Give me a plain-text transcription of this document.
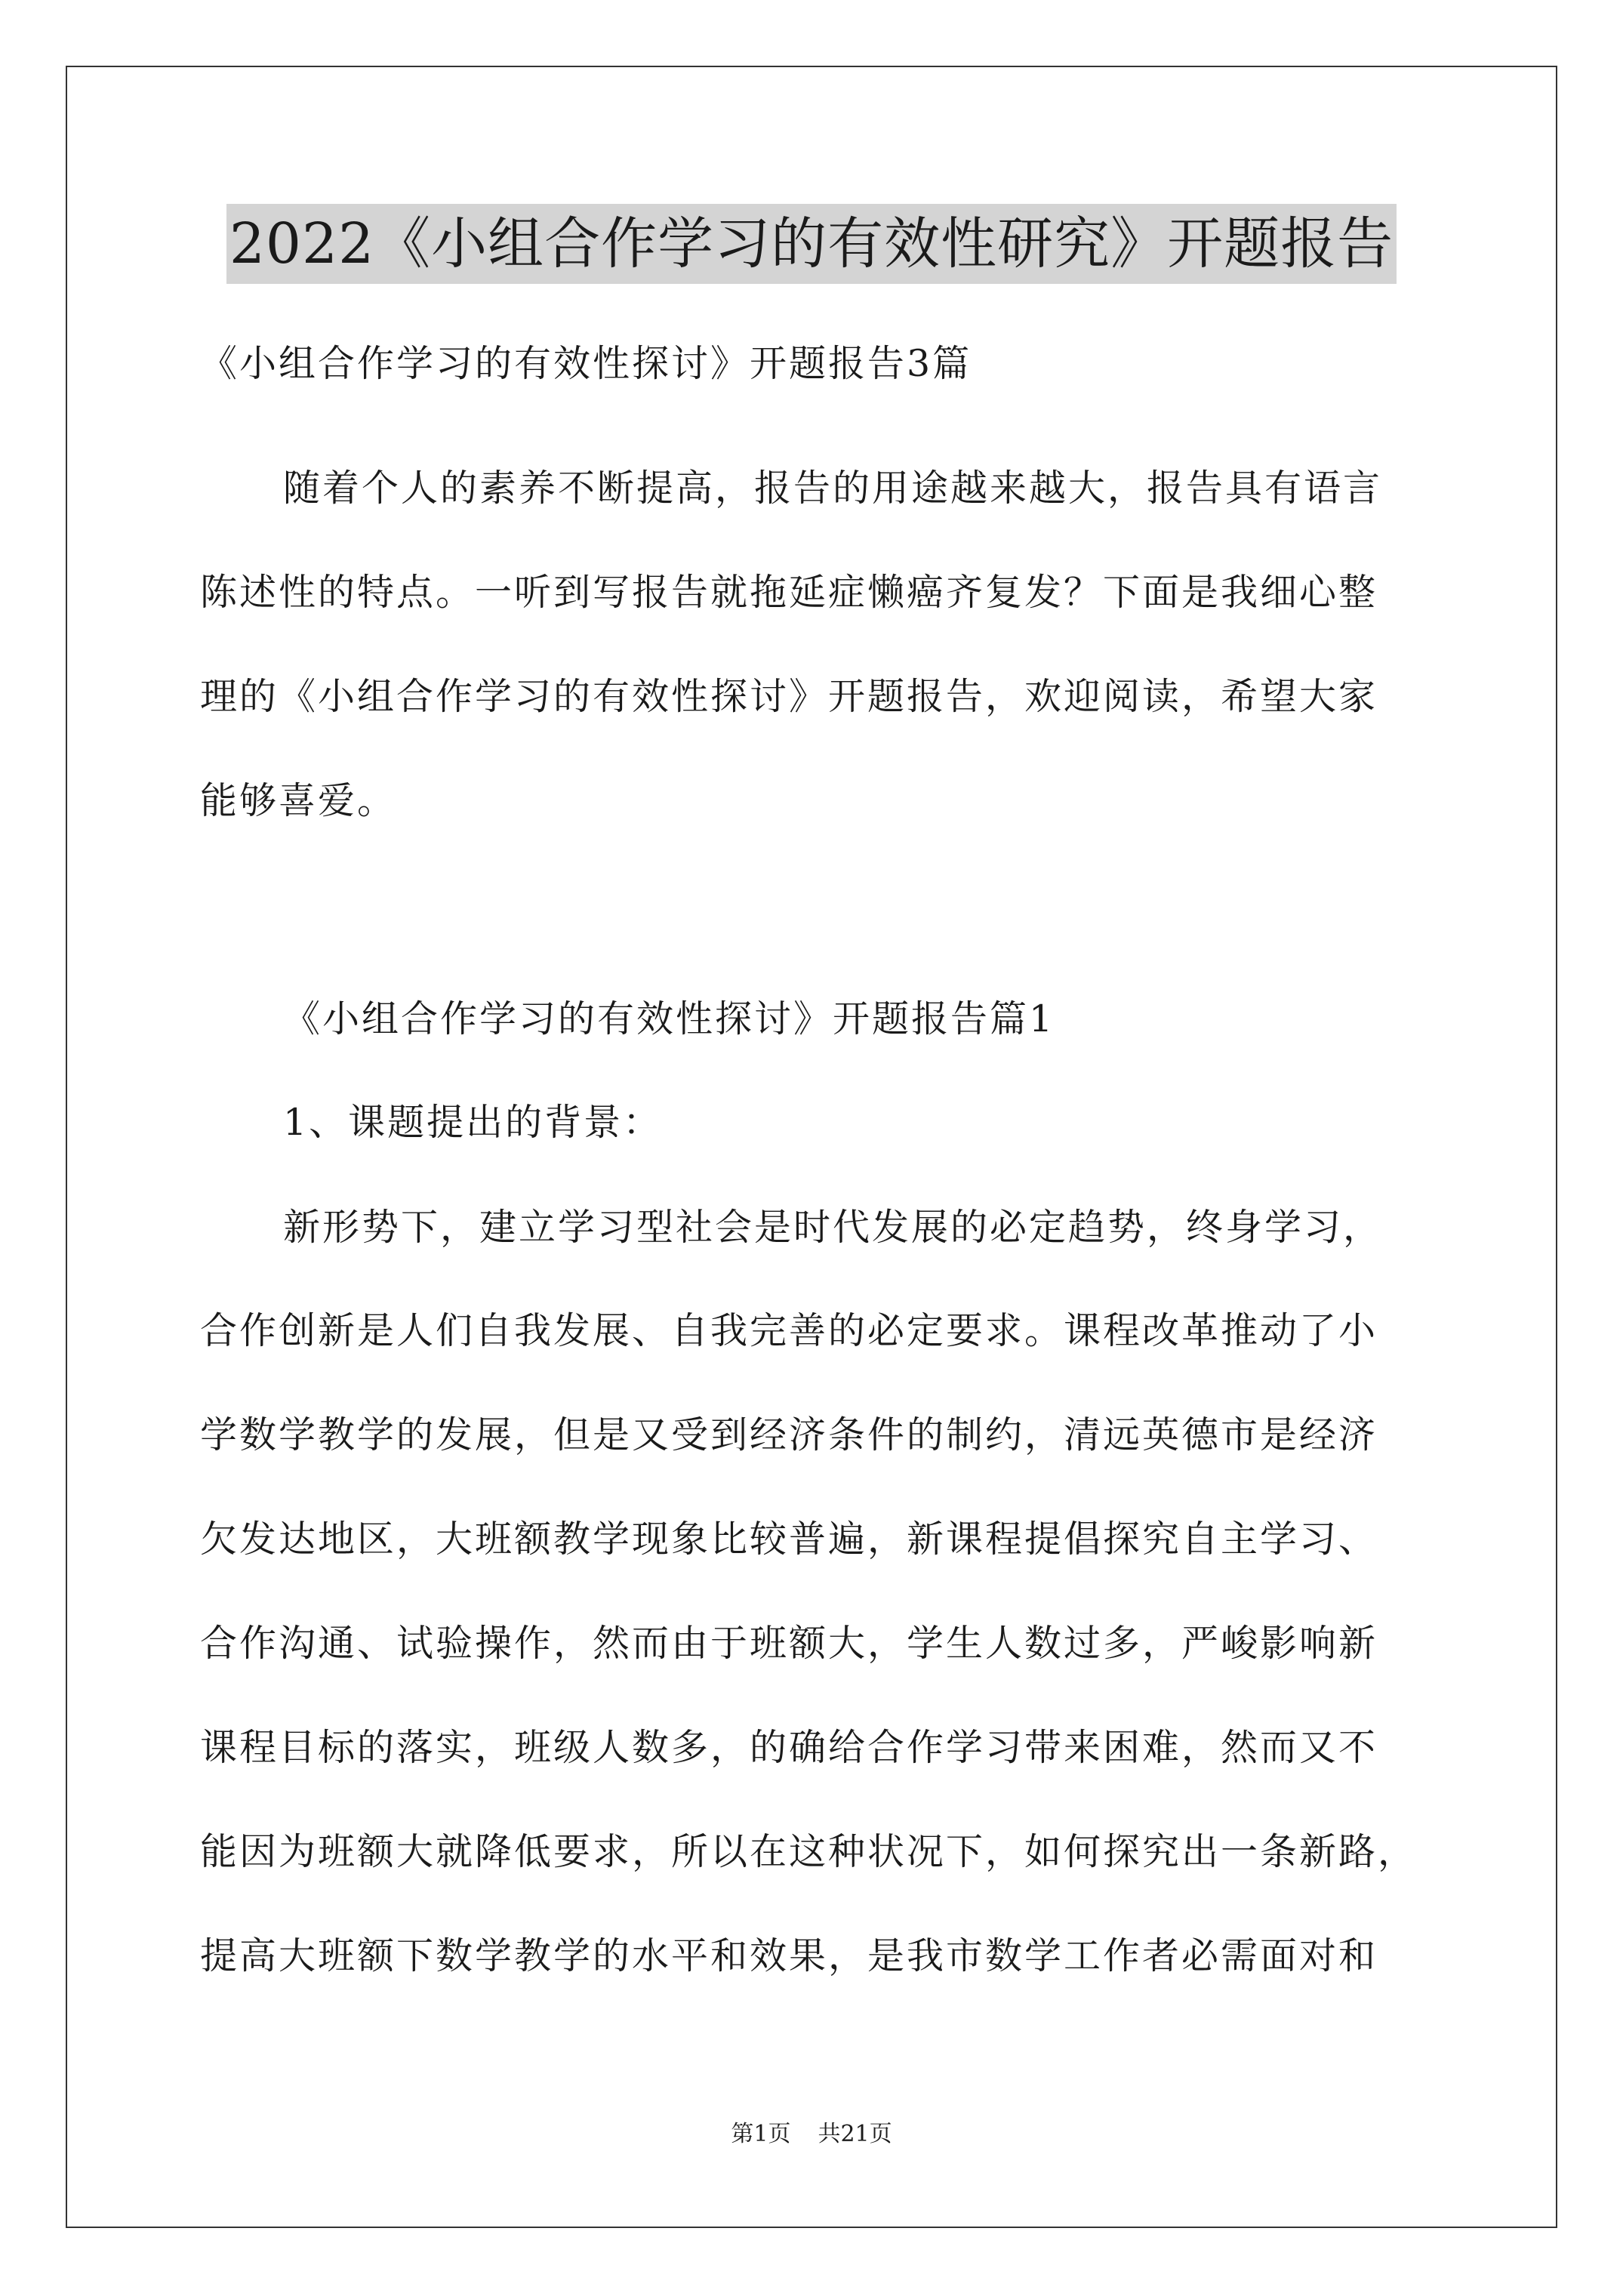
2022《小组合作学习的有效性研究》开题报告
《小组合作学习的有效性探讨》开题报告3篇
随着个人的素养不断提高，报告的用途越来越大，报告具有语言
陈述性的特点。一听到写报告就拖延症懒癌齐复发？下面是我细心整
理的《小组合作学习的有效性探讨》开题报告，欢迎阅读，希望大家
能够喜爱。
《小组合作学习的有效性探讨》开题报告篇1
1、课题提出的背景：
新形势下，建立学习型社会是时代发展的必定趋势，终身学习，
合作创新是人们自我发展、自我完善的必定要求。课程改革推动了小
学数学教学的发展，但是又受到经济条件的制约，清远英德市是经济
欠发达地区，大班额教学现象比较普遍，新课程提倡探究自主学习、
合作沟通、试验操作，然而由于班额大，学生人数过多，严峻影响新
课程目标的落实，班级人数多，的确给合作学习带来困难，然而又不
能因为班额大就降低要求，所以在这种状况下，如何探究出一条新路，
提高大班额下数学教学的水平和效果，是我市数学工作者必需面对和
第1页 共21页
